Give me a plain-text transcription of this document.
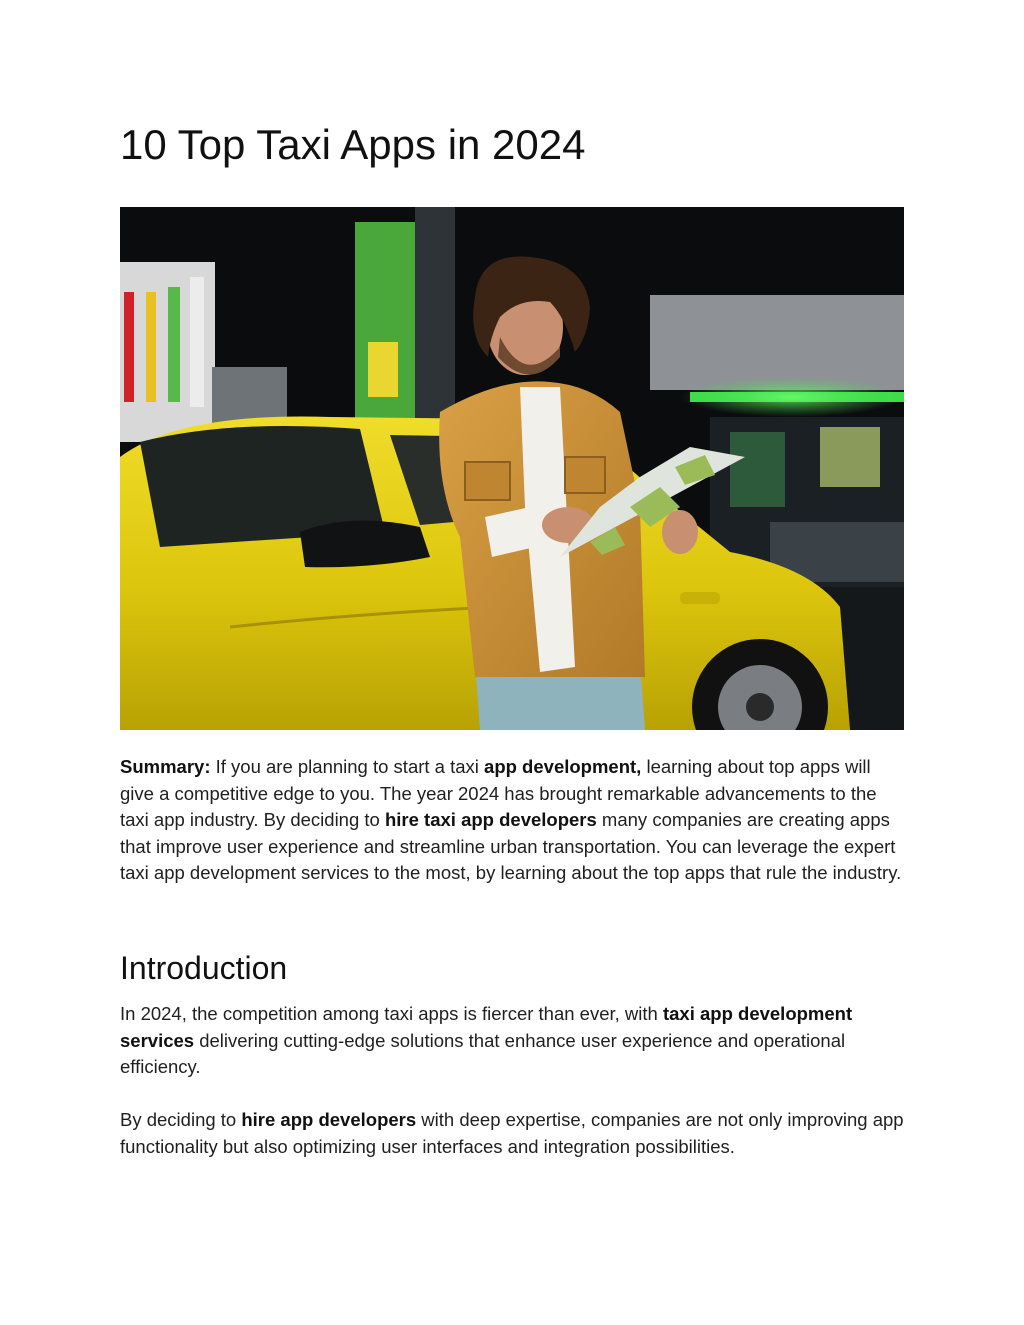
10 Top Taxi Apps in 2024

Summary: If you are planning to start a taxi app development, learning about top apps will give a competitive edge to you. The year 2024 has brought remarkable advancements to the taxi app industry. By deciding to hire taxi app developers many companies are creating apps that improve user experience and streamline urban transportation. You can leverage the expert taxi app development services to the most, by learning about the top apps that rule the industry.

Introduction

In 2024, the competition among taxi apps is fiercer than ever, with taxi app development services delivering cutting-edge solutions that enhance user experience and operational efficiency.

By deciding to hire app developers with deep expertise, companies are not only improving app functionality but also optimizing user interfaces and integration possibilities.
